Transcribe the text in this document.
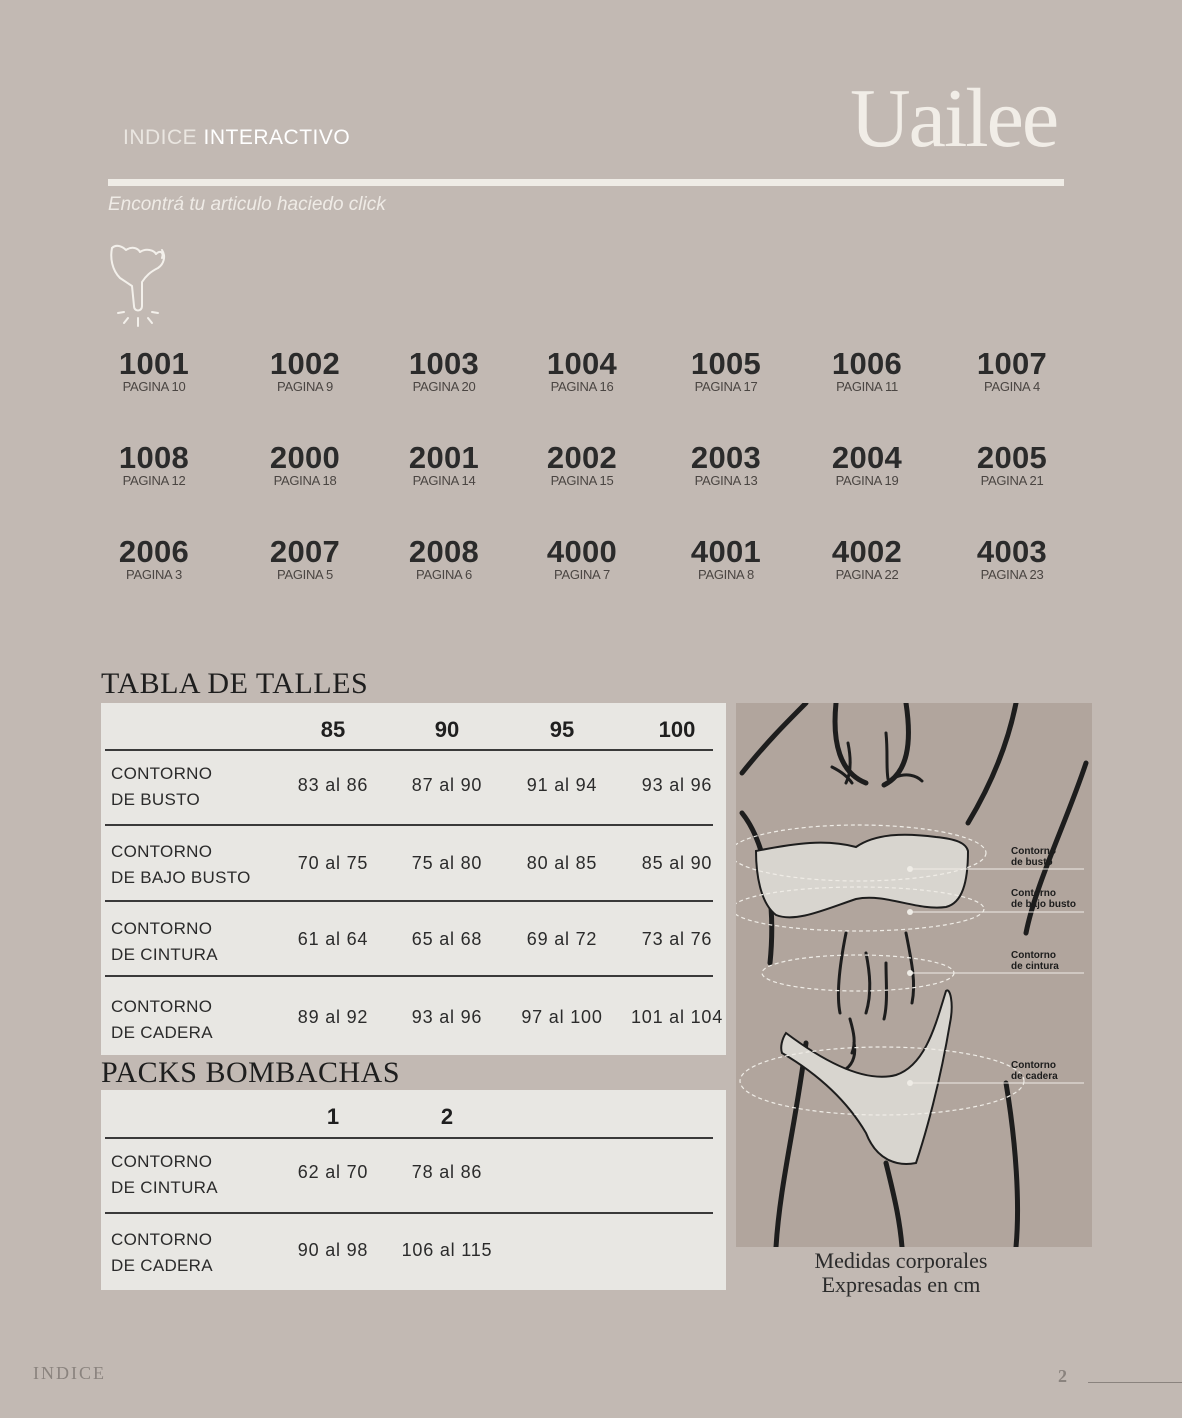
INDICE INTERACTIVO	Uailee
Encontrá tu articulo haciedo click
1001
PAGINA 10
1002
PAGINA 9
1003
PAGINA 20
1004
PAGINA 16
1005
PAGINA 17
1006
PAGINA 11
1007
PAGINA 4
1008
PAGINA 12
2000
PAGINA 18
2001
PAGINA 14
2002
PAGINA 15
2003
PAGINA 13
2004
PAGINA 19
2005
PAGINA 21
2006
PAGINA 3
2007
PAGINA 5
2008
PAGINA 6
4000
PAGINA 7
4001
PAGINA 8
4002
PAGINA 22
4003
PAGINA 23
TABLA DE TALLES
85	90	95	100
CONTORNO
DE BUSTO
83 al 86	87 al 90	91 al 94	93 al 96
CONTORNO
DE BAJO BUSTO
70 al 75	75 al 80	80 al 85	85 al 90
CONTORNO
DE CINTURA
61 al 64	65 al 68	69 al 72	73 al 76
CONTORNO
DE CADERA
89 al 92	93 al 96	97 al 100	101 al 104
PACKS BOMBACHAS
1	2
CONTORNO
DE CINTURA
62 al 70	78 al 86
CONTORNO
DE CADERA
90 al 98	106 al 115
Contorno
de busto
Contorno
de bajo busto
Contorno
de cintura
Contorno
de cadera
Medidas corporales
Expresadas en cm
INDICE	2
